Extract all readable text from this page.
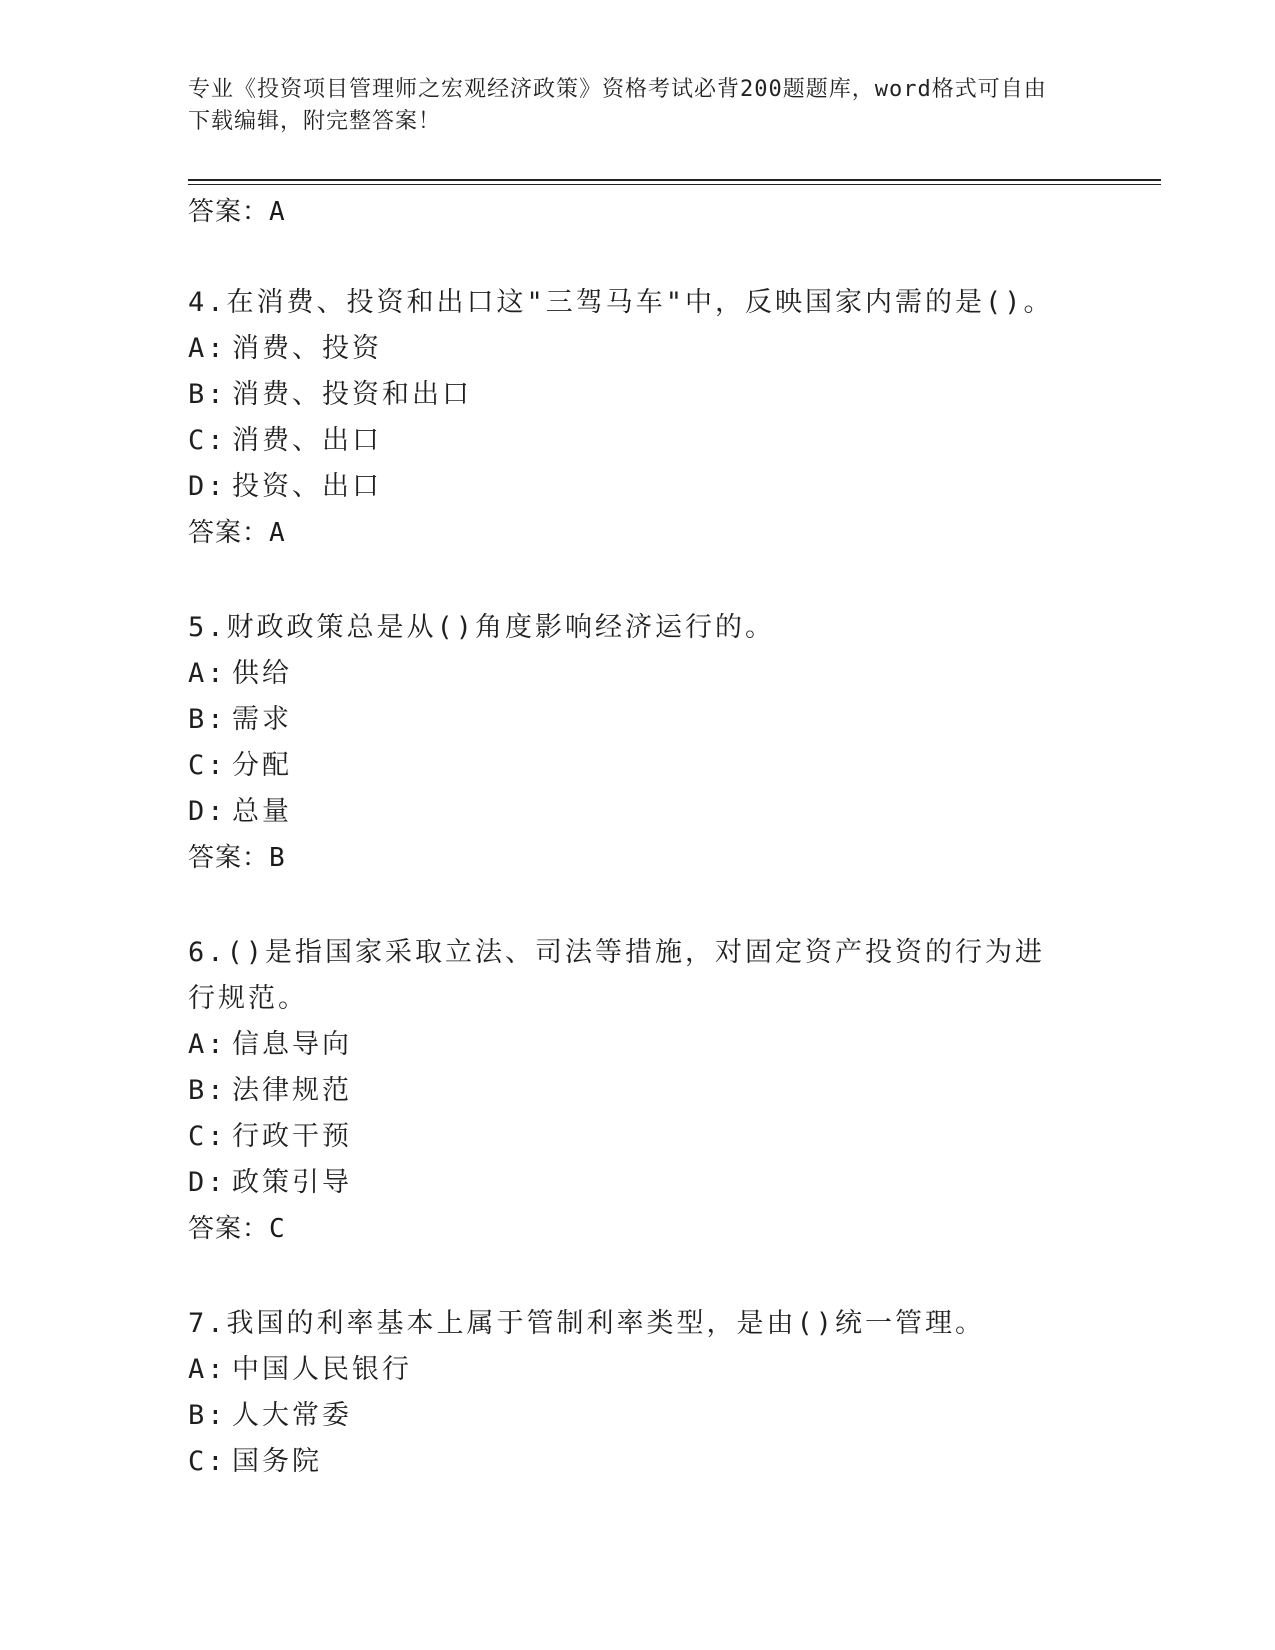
专业《投资项目管理师之宏观经济政策》资格考试必背200题题库，word格式可自由下载编辑，附完整答案！
答案：A
4.在消费、投资和出口这"三驾马车"中，反映国家内需的是()。
A: 消费、投资
B: 消费、投资和出口
C: 消费、出口
D: 投资、出口
答案：A
5.财政政策总是从()角度影响经济运行的。
A: 供给
B: 需求
C: 分配
D: 总量
答案：B
6.()是指国家采取立法、司法等措施，对固定资产投资的行为进行规范。
A: 信息导向
B: 法律规范
C: 行政干预
D: 政策引导
答案：C
7.我国的利率基本上属于管制利率类型，是由()统一管理。
A: 中国人民银行
B: 人大常委
C: 国务院
